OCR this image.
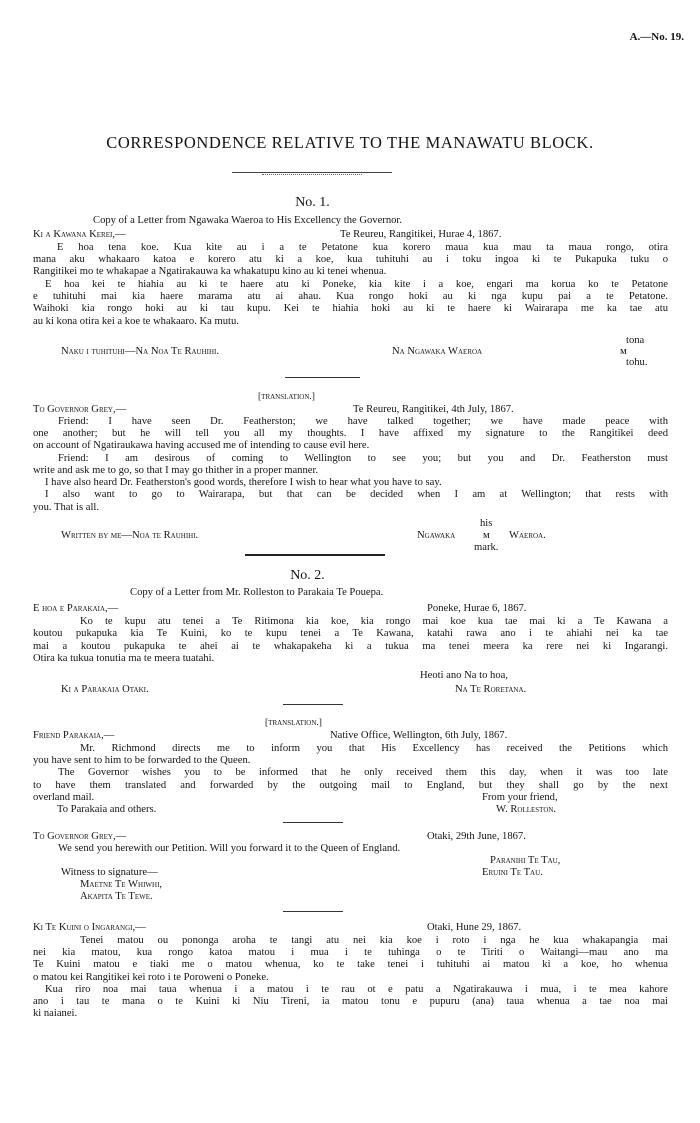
A.—No. 19.
CORRESPONDENCE RELATIVE TO THE MANAWATU BLOCK.
No. 1.
Copy of a Letter from Ngawaka Waeroa to His Excellency the Governor.
Ki a Kawana Kerei,—	Te Reureu, Rangitikei, Hurae 4, 1867.
E hoa tena koe. Kua kite au i a te Petatone kua korero maua kua mau ta maua rongo, otira
mana aku whakaaro katoa e korero atu ki a koe, kua tuhituhi au i toku ingoa ki te Pukapuka tuku o
Rangitikei mo te whakapae a Ngatirakauwa ka whakatupu kino au ki tenei whenua.
E hoa kei te hiahia au ki te haere atu ki Poneke, kia kite i a koe, engari ma korua ko te Petatone
e tuhituhi mai kia haere marama atu ai ahau. Kua rongo hoki au ki nga kupu pai a te Petatone.
Waihoki kia rongo hoki au ki tau kupu. Kei te hiahia hoki au ki te haere ki Wairarapa me ka tae atu
au ki kona otira kei a koe te whakaaro. Ka mutu.
tona
Naku i tuhituhi—Na Noa Te Rauhihi.	Na Ngawaka Waeroa	ᴍ
tohu.
[translation.]
To Governor Grey,—	Te Reureu, Rangitikei, 4th July, 1867.
Friend: I have seen Dr. Featherston; we have talked together; we have made peace with
one another; but he will tell you all my thoughts. I have affixed my signature to the Rangitikei deed
on account of Ngatiraukawa having accused me of intending to cause evil here.
Friend: I am desirous of coming to Wellington to see you; but you and Dr. Featherston must
write and ask me to go, so that I may go thither in a proper manner.
I have also heard Dr. Featherston's good words, therefore I wish to hear what you have to say.
I also want to go to Wairarapa, but that can be decided when I am at Wellington; that rests with
you. That is all.
his
Written by me—Noa te Rauhihi.	Ngawaka	ᴍ Waeroa.
mark.
No. 2.
Copy of a Letter from Mr. Rolleston to Parakaia Te Pouepa.
E hoa e Parakaia,—	Poneke, Hurae 6, 1867.
Ko te kupu atu tenei a Te Ritimona kia koe, kia rongo mai koe kua tae mai ki a Te Kawana a
koutou pukapuka kia Te Kuini, ko te kupu tenei a Te Kawana, katahi rawa ano i te ahiahi nei ka tae
mai a koutou pukapuka te ahei ai te whakapakeha ki a tukua ma tenei meera ka rere nei ki Ingarangi.
Otira ka tukua tonutia ma te meera tuatahi.
Heoti ano Na to hoa,
Ki a Parakaia Otaki.	Na Te Roretana.
[translation.]
Friend Parakaia,—	Native Office, Wellington, 6th July, 1867.
Mr. Richmond directs me to inform you that His Excellency has received the Petitions which
you have sent to him to be forwarded to the Queen.
The Governor wishes you to be informed that he only received them this day, when it was too late
to have them translated and forwarded by the outgoing mail to England, but they shall go by the next
overland mail.	From your friend,
To Parakaia and others.	W. Rolleston.
To Governor Grey,—	Otaki, 29th June, 1867.
We send you herewith our Petition. Will you forward it to the Queen of England.
Paranihi Te Tau,
Witness to signature—	Eruini Te Tau.
Maetne Te Whiwhi,
Akapita Te Tewe.
Ki Te Kuini o Ingarangi,—	Otaki, Hune 29, 1867.
Tenei matou ou pononga aroha te tangi atu nei kia koe i roto i nga he kua whakapangia mai
nei kia matou, kua rongo katoa matou i mua i te tuhinga o te Tiriti o Waitangi—mau ano ma
Te Kuini matou e tiaki me o matou whenua, ko te take tenei i tuhituhi ai matou ki a koe, ho whenua
o matou kei Rangitikei kei roto i te Poroweni o Poneke.
Kua riro noa mai taua whenua i a matou i te rau ot e patu a Ngatirakauwa i mua, i te mea kahore
ano i tau te mana o te Kuini ki Niu Tireni, ia matou tonu e pupuru (ana) taua whenua a tae noa mai
ki naianei.
